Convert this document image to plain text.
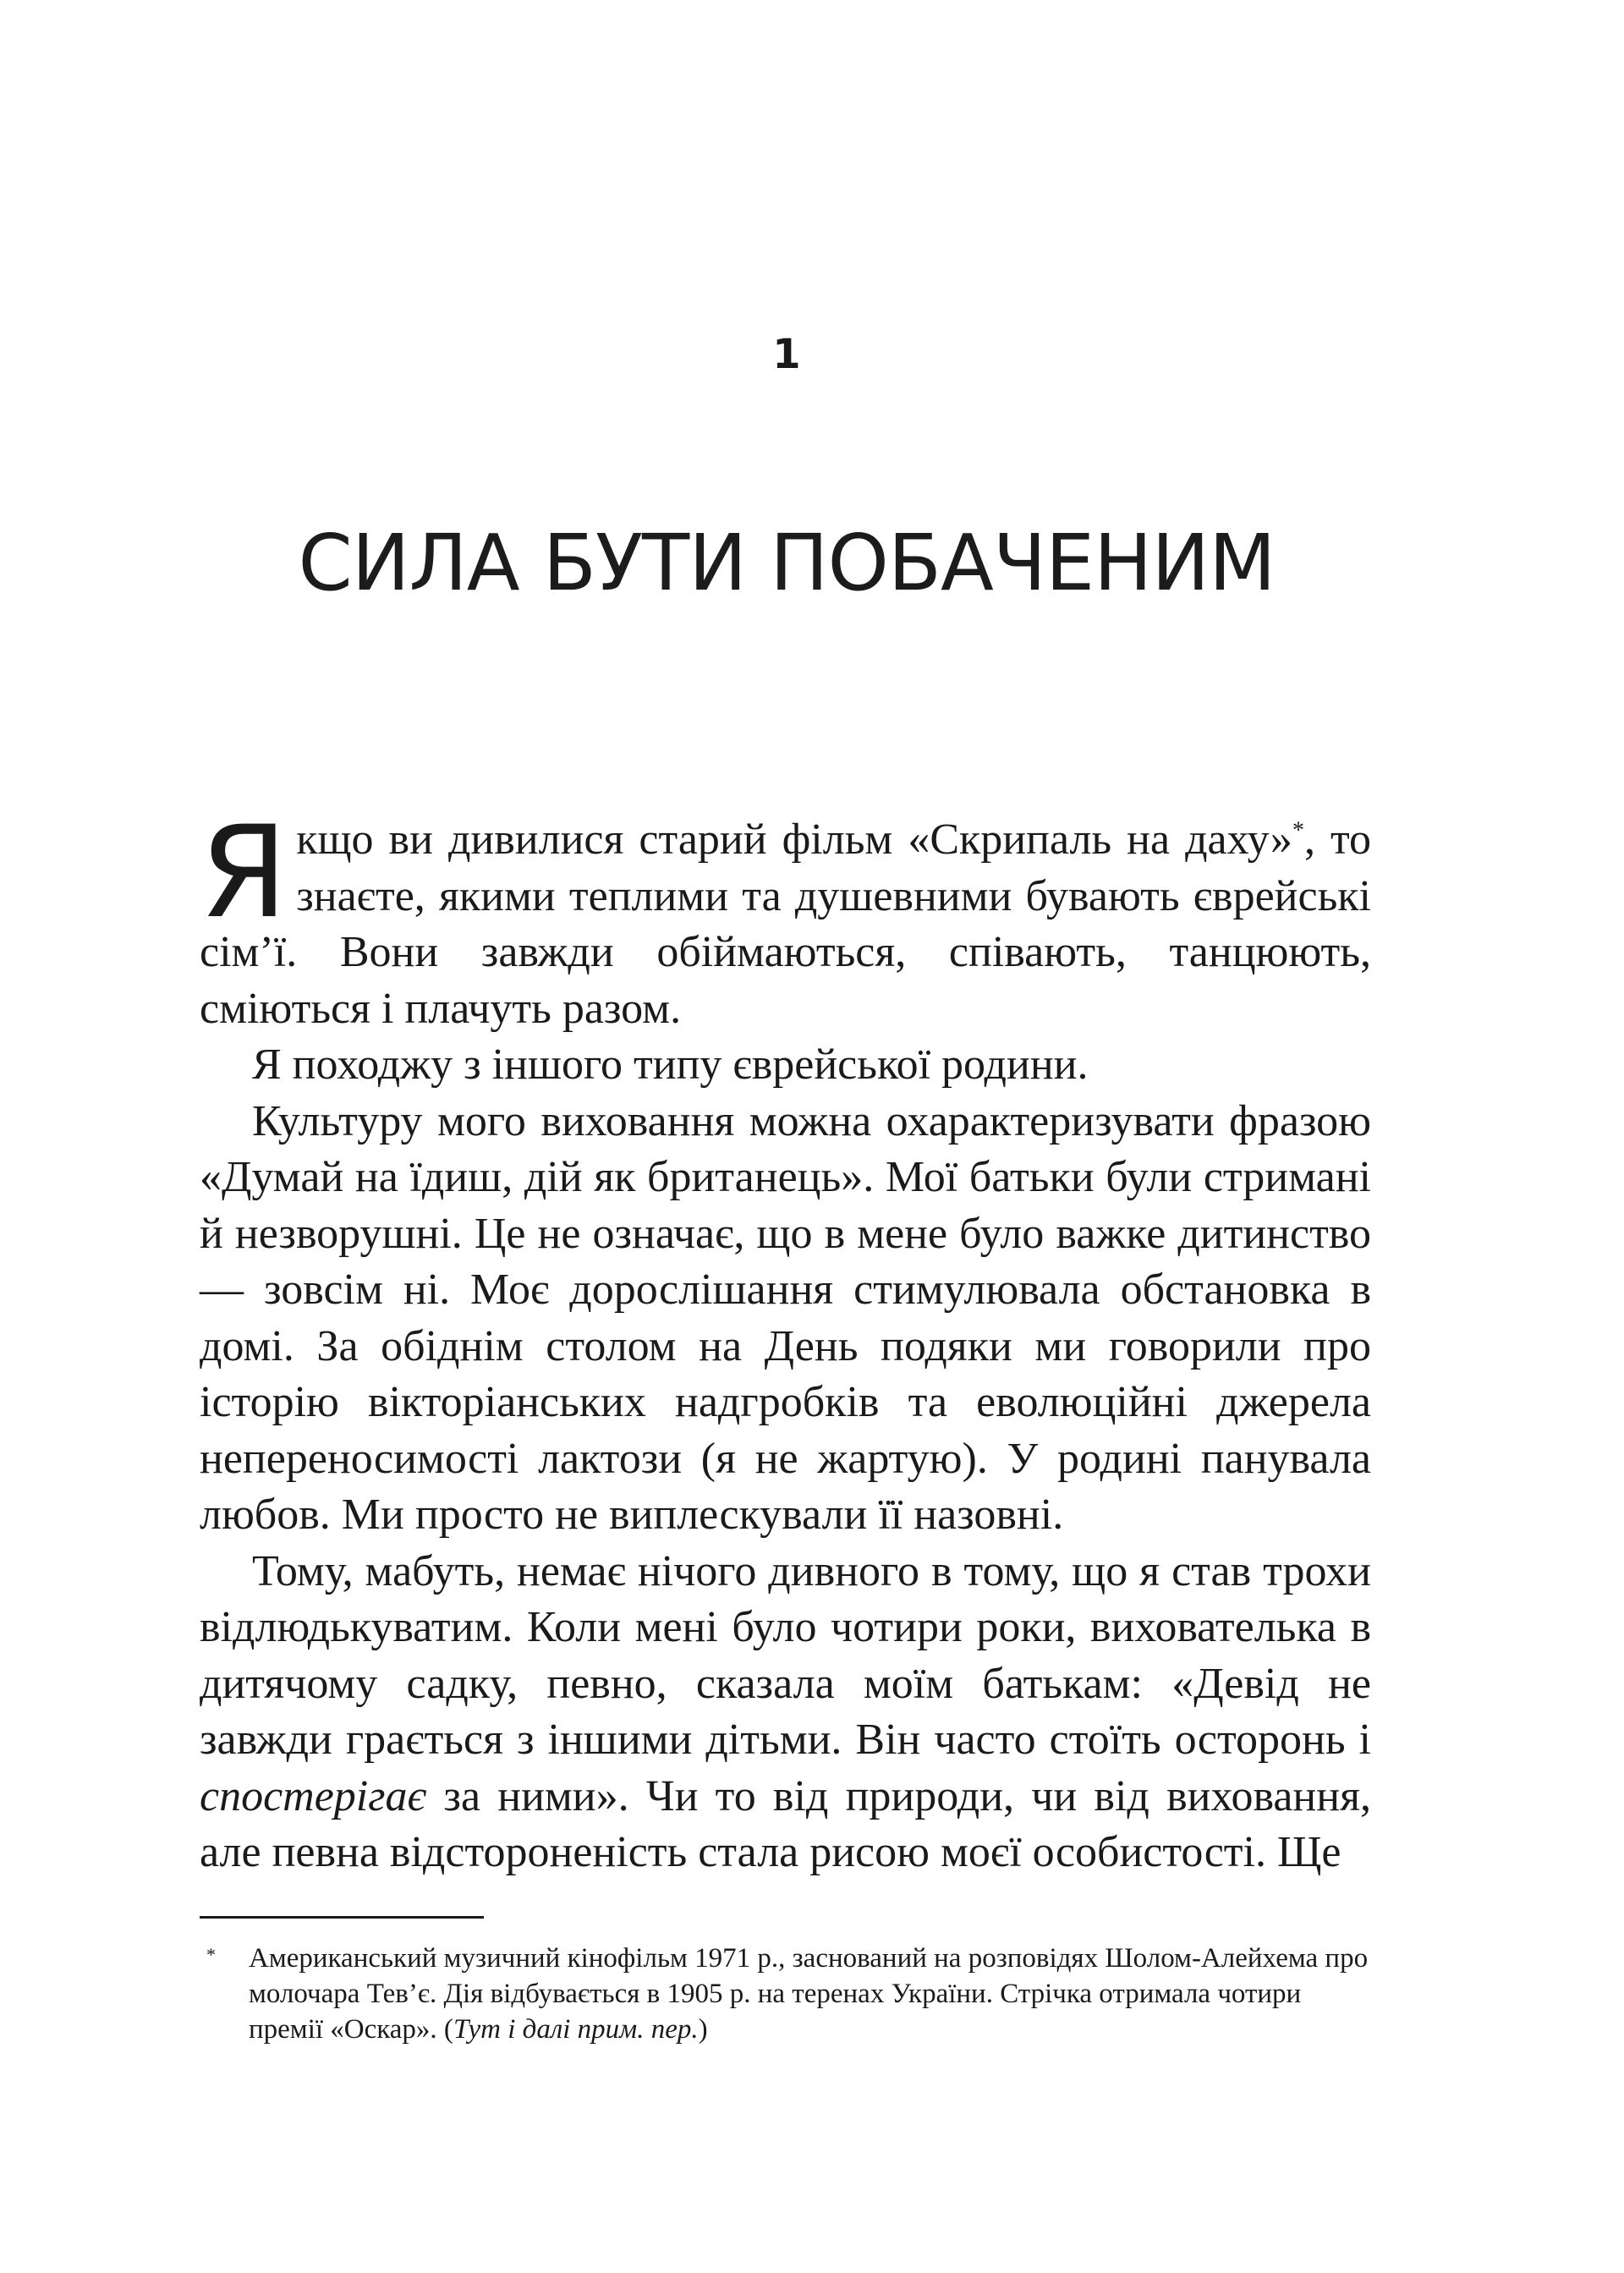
1
СИЛА БУТИ ПОБАЧЕНИМ

Якщо ви дивилися старий фільм «Скрипаль на даху»*, то знаєте, якими теплими та душевними бувають єврейські сім’ї. Вони завжди обіймаються, співають, танцюють, сміються і плачуть разом.

Я походжу з іншого типу єврейської родини.

Культуру мого виховання можна охарактеризувати фразою «Думай на їдиш, дій як британець». Мої батьки були стримані й незворушні. Це не означає, що в мене було важке дитинство — зовсім ні. Моє дорослішання стимулювала обстановка в домі. За обіднім столом на День подяки ми говорили про історію вікторіанських надгробків та еволюційні джерела непереносимості лактози (я не жартую). У родині панувала любов. Ми просто не виплескували її назовні.

Тому, мабуть, немає нічого дивного в тому, що я став трохи відлюдькуватим. Коли мені було чотири роки, вихователька в дитячому садку, певно, сказала моїм батькам: «Девід не завжди грається з іншими дітьми. Він часто стоїть осторонь і спостерігає за ними». Чи то від природи, чи від виховання, але певна відстороненість стала рисою моєї особистості. Ще

* Американський музичний кінофільм 1971 р., заснований на розповідях Шолом-Алейхема про молочара Тев’є. Дія відбувається в 1905 р. на теренах України. Стрічка отримала чотири премії «Оскар». (Тут і далі прим. пер.)
